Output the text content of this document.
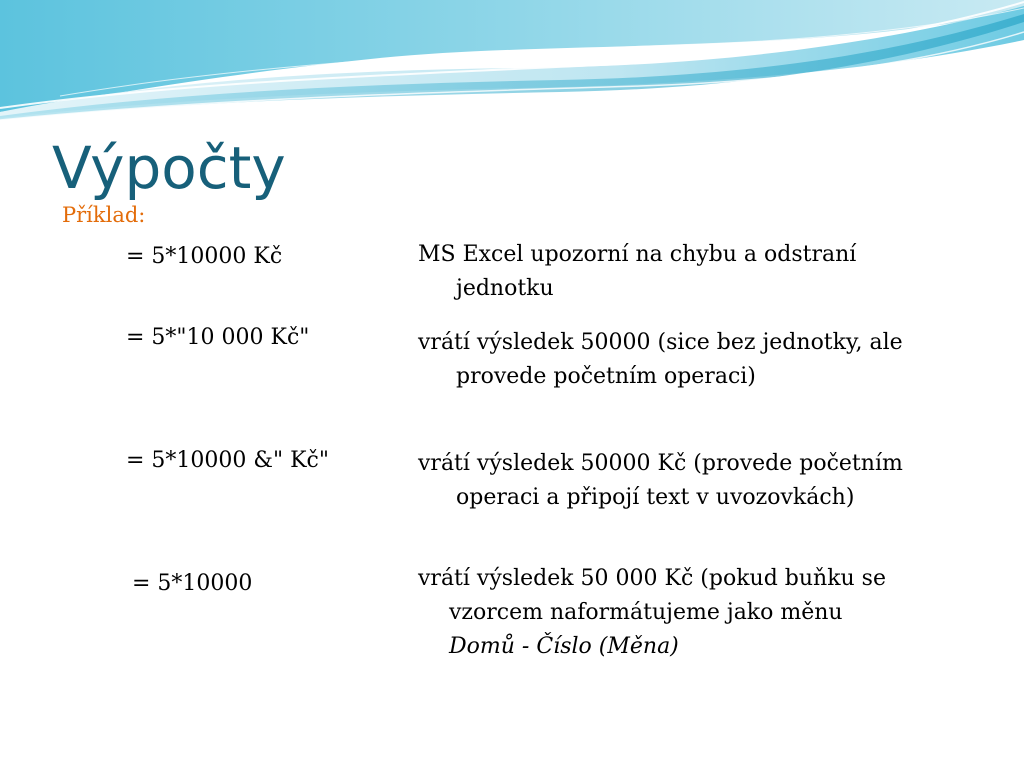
Výpočty
Příklad:
= 5*10000 Kč	MS Excel upozorní na chybu a odstraní
jednotku
= 5*"10 000 Kč"	vrátí výsledek 50000 (sice bez jednotky, ale
provede početním operaci)
= 5*10000 &" Kč"	vrátí výsledek 50000 Kč (provede početním
operaci a připojí text v uvozovkách)
= 5*10000	vrátí výsledek 50 000 Kč (pokud buňku se
vzorcem naformátujeme jako měnu
Domů - Číslo (Měna)
